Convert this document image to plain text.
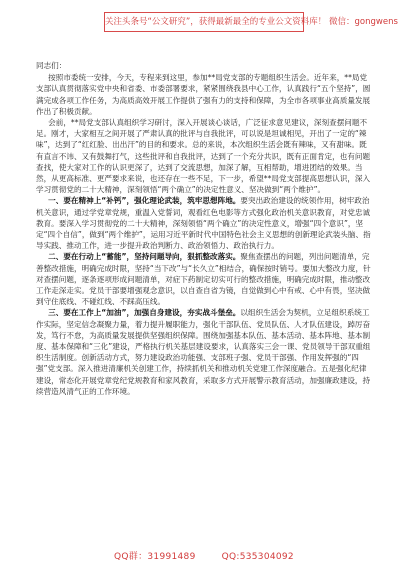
关注头条号“公文研究”，获得最新最全的专业公文资料库！ 微信：gongwens

同志们：

按照市委统一安排，今天，专程来到这里，参加**局党支部的专题组织生活会。近年来，**局党支部认真贯彻落实党中央和省委、市委部署要求，紧紧围绕我县中心工作，认真践行“五个坚持”，圆满完成各项工作任务，为高质高效开展工作提供了强有力的支持和保障，为全市各项事业高质量发展作出了积极贡献。

会前，**局党支部认真组织学习研讨，深入开展谈心谈话，广泛征求意见建议，深刻查摆问题不足。刚才，大家相互之间开展了严肃认真的批评与自我批评，可以说是坦诚相见，开出了一定的“辣味”，达到了“红红脸、出出汗”的目的和要求。总的来说，本次组织生活会既有辣味，又有甜味。既有直言不讳、又有鼓舞打气，这些批评和自我批评，达到了一个充分共识，既有正面肯定，也有问题查找，使大家对工作的认识更深了，达到了交流思想，加深了解，互相帮助，增进团结的效果。当然，从更高标准、更严要求来说，也还存在一些不足，下一步，希望**局党支部提高思想认识，深入学习贯彻党的二十大精神，深刻领悟“两个确立”的决定性意义、坚决做到“两个维护”。

一、要在精神上“补钙”，强化理论武装，筑牢思想阵地。要突出政治建设的统领作用，树牢政治机关意识，通过学党章党规，重温入党誓词，观看红色电影等方式强化政治机关意识教育，对党忠诚教育。要深入学习贯彻党的二十大精神，深刻领悟“两个确立”的决定性意义，增强“四个意识”，坚定“四个自信”，做到“两个维护”，运用习近平新时代中国特色社会主义思想的创新理论武装头脑、指导实践、推动工作，进一步提升政治判断力、政治领悟力、政治执行力。

二、要在行动上“蓄能”，坚持问题导向，狠抓整改落实。聚焦查摆出的问题，列出问题清单，完善整改措施，明确完成时限，坚持“当下改”与“长久立”相结合，确保按时销号。要加大整改力度，针对查摆问题，逐条逐项形成问题清单，对症下药制定切实可行的整改措施，明确完成时限，推动整改工作走深走实。党员干部要增强观念意识，以自查自省为镜，自觉做到心中有戒、心中有畏，坚决做到守住底线、不碰红线、不踩高压线。

三、要在工作上“加油”，加强自身建设，夯实战斗堡垒。以组织生活会为契机，立足组织系统工作实际，坚定信念凝聚力量，着力提升履职能力，强化干部队伍、党员队伍、人才队伍建设，踔厉奋发，笃行不怠，为高质量发展提供坚强组织保障。围绕加强基本队伍、基本活动、基本阵地、基本制度、基本保障和“三化”建设，严格执行机关基层建设要求，认真落实三会一课、党员领导干部双重组织生活制度。创新活动方式，努力建设政治功能强、支部班子强、党员干部强、作用发挥强的“四强”党支部。深入推进清廉机关创建工作，持续抓机关和推动机关党建工作深度融合。五是强化纪律建设，常态化开展党章党纪党规教育和家风教育，采取多方式开展警示教育活动，加强廉政建设，持续营造风清气正的工作环境。

QQ群：31991489	QQ:535304092
